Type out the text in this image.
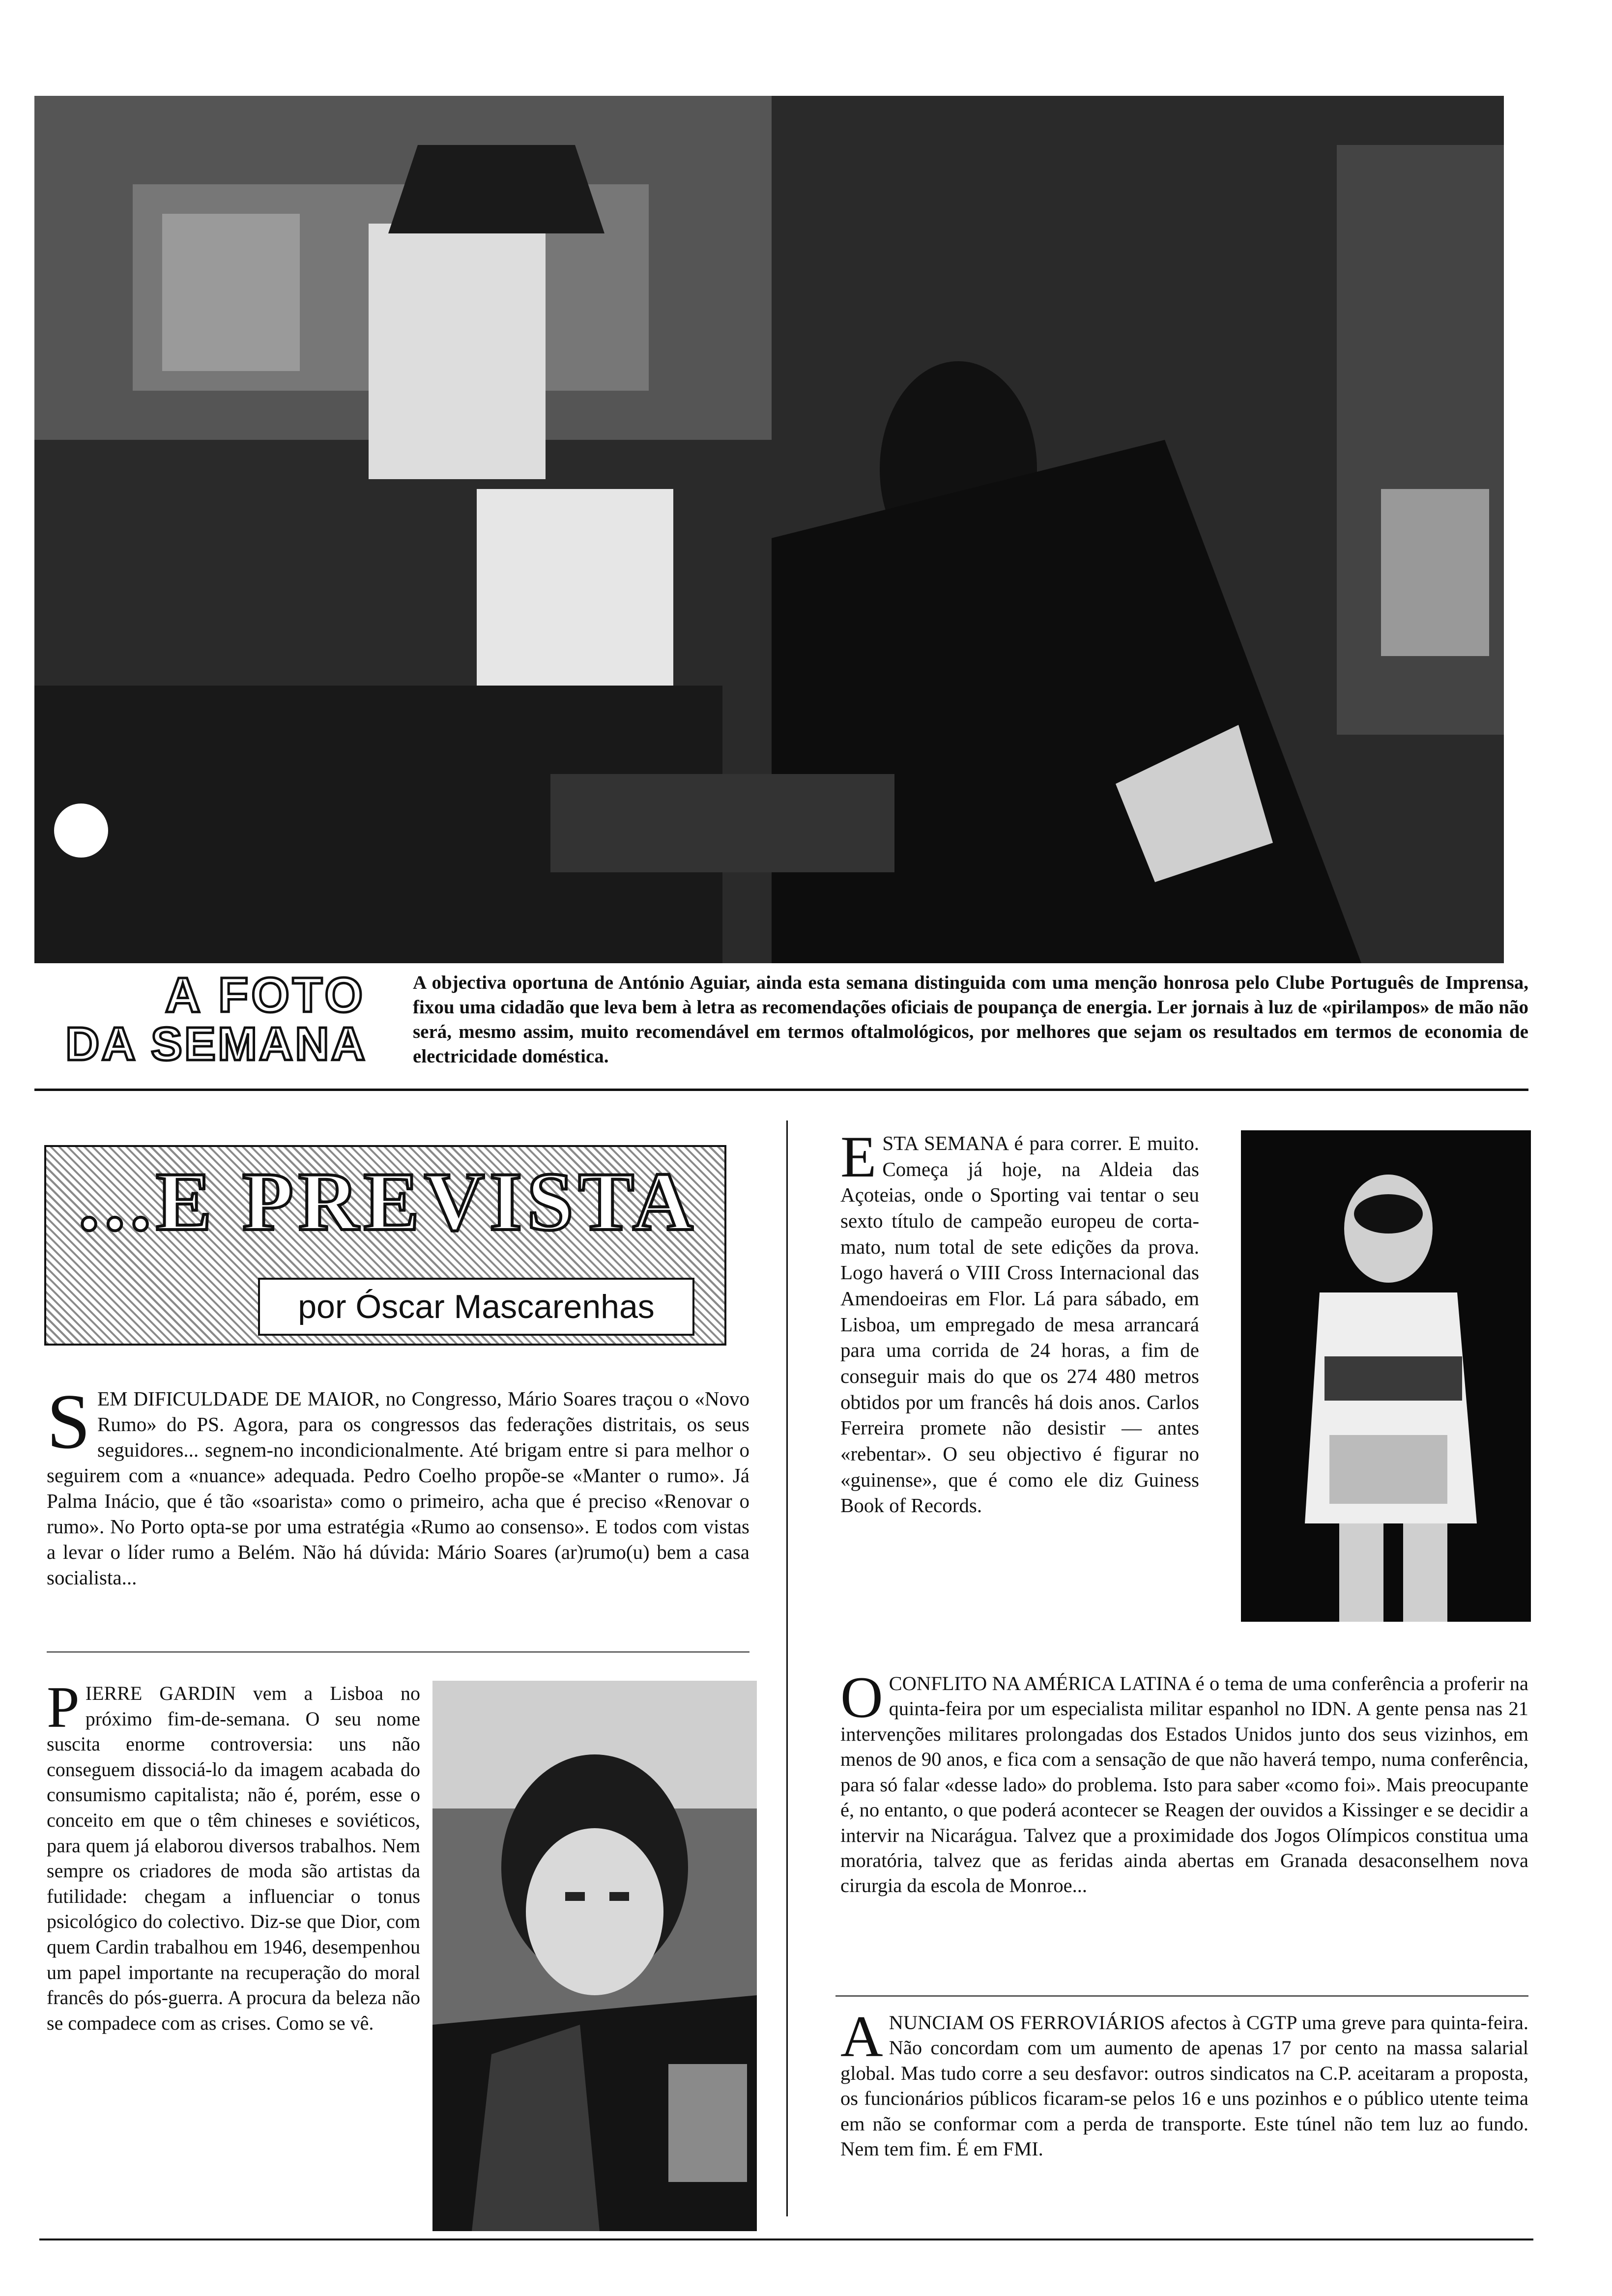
A FOTO
DA SEMANA
A objectiva oportuna de António Aguiar, ainda esta semana distinguida com uma menção honrosa pelo Clube Português de Imprensa, fixou uma cidadão que leva bem à letra as recomendações oficiais de poupança de energia. Ler jornais à luz de «pirilampos» de mão não será, mesmo assim, muito recomendável em termos oftalmológicos, por melhores que sejam os resultados em termos de economia de electricidade doméstica.
...E PREVISTA
por Óscar Mascarenhas
S EM DIFICULDADE DE MAIOR, no Congresso, Mário Soares traçou o «Novo Rumo» do PS. Agora, para os congressos das federações distritais, os seus seguidores... segnem-no incondicionalmente. Até brigam entre si para melhor o seguirem com a «nuance» adequada. Pedro Coelho propõe-se «Manter o rumo». Já Palma Inácio, que é tão «soarista» como o primeiro, acha que é preciso «Renovar o rumo». No Porto opta-se por uma estratégia «Rumo ao consenso». E todos com vistas a levar o líder rumo a Belém. Não há dúvida: Mário Soares (ar)rumo(u) bem a casa socialista...
P IERRE GARDIN vem a Lisboa no próximo fim-de-semana. O seu nome suscita enorme controversia: uns não conseguem dissociá-lo da imagem acabada do consumismo capitalista; não é, porém, esse o conceito em que o têm chineses e soviéticos, para quem já elaborou diversos trabalhos. Nem sempre os criadores de moda são artistas da futilidade: chegam a influenciar o tonus psicológico do colectivo. Diz-se que Dior, com quem Cardin trabalhou em 1946, desempenhou um papel importante na recuperação do moral francês do pós-guerra. A procura da beleza não se compadece com as crises. Como se vê.
E STA SEMANA é para correr. E muito. Começa já hoje, na Aldeia das Açoteias, onde o Sporting vai tentar o seu sexto título de campeão europeu de corta-mato, num total de sete edições da prova. Logo haverá o VIII Cross Internacional das Amendoeiras em Flor. Lá para sábado, em Lisboa, um empregado de mesa arrancará para uma corrida de 24 horas, a fim de conseguir mais do que os 274 480 metros obtidos por um francês há dois anos. Carlos Ferreira promete não desistir — antes «rebentar». O seu objectivo é figurar no «guinense», que é como ele diz Guiness Book of Records.
O CONFLITO NA AMÉRICA LATINA é o tema de uma conferência a proferir na quinta-feira por um especialista militar espanhol no IDN. A gente pensa nas 21 intervenções militares prolongadas dos Estados Unidos junto dos seus vizinhos, em menos de 90 anos, e fica com a sensação de que não haverá tempo, numa conferência, para só falar «desse lado» do problema. Isto para saber «como foi». Mais preocupante é, no entanto, o que poderá acontecer se Reagen der ouvidos a Kissinger e se decidir a intervir na Nicarágua. Talvez que a proximidade dos Jogos Olímpicos constitua uma moratória, talvez que as feridas ainda abertas em Granada desaconselhem nova cirurgia da escola de Monroe...
A NUNCIAM OS FERROVIÁRIOS afectos à CGTP uma greve para quinta-feira. Não concordam com um aumento de apenas 17 por cento na massa salarial global. Mas tudo corre a seu desfavor: outros sindicatos na C.P. aceitaram a proposta, os funcionários públicos ficaram-se pelos 16 e uns pozinhos e o público utente teima em não se conformar com a perda de transporte. Este túnel não tem luz ao fundo. Nem tem fim. É em FMI.
